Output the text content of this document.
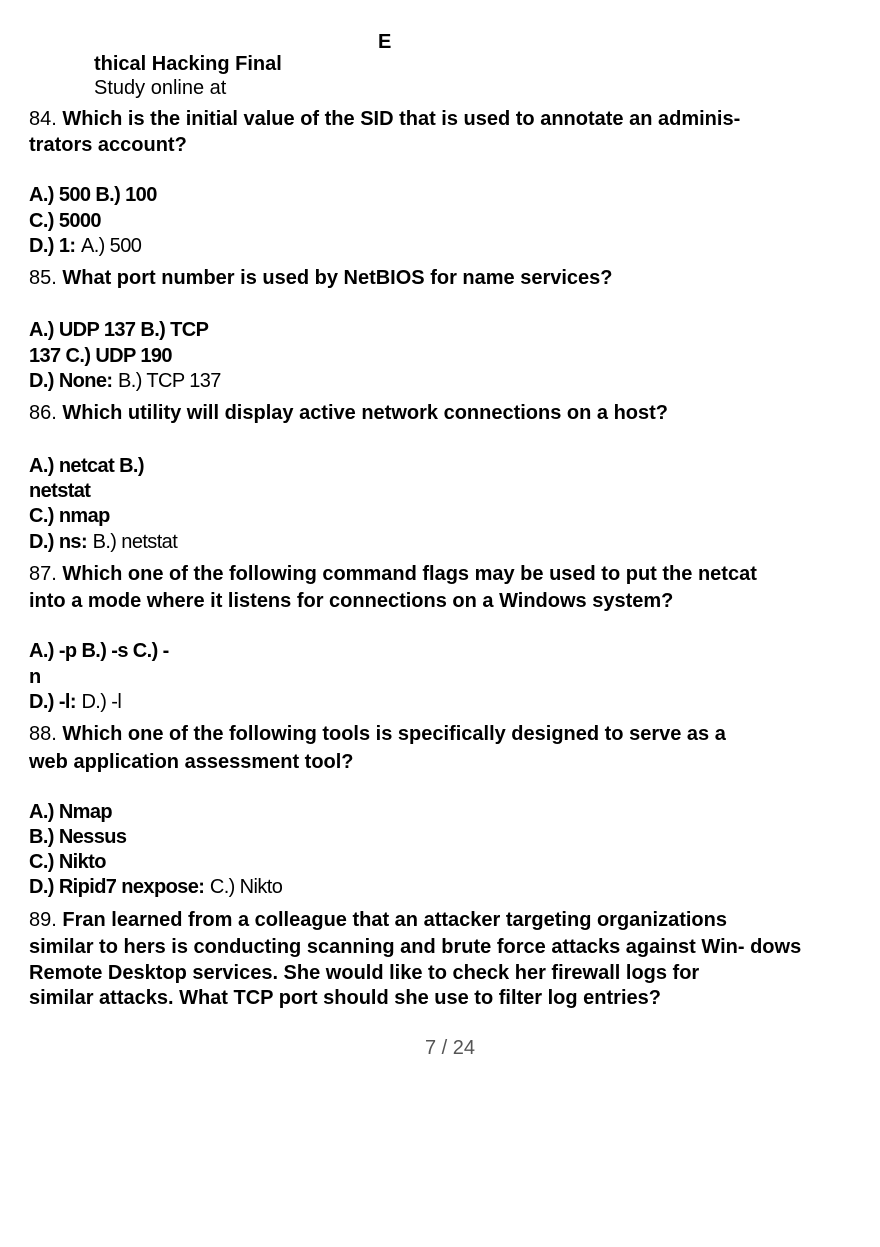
E
thical Hacking Final
Study online at
84. Which is the initial value of the SID that is used to annotate an adminis-
trators account?
A.) 500 B.) 100
C.) 5000
D.) 1: A.) 500
85. What port number is used by NetBIOS for name services?
A.) UDP 137 B.) TCP
137 C.) UDP 190
D.) None: B.) TCP 137
86. Which utility will display active network connections on a host?
A.) netcat B.)
netstat
C.) nmap
D.) ns: B.) netstat
87. Which one of the following command flags may be used to put the netcat
into a mode where it listens for connections on a Windows system?
A.) -p B.) -s C.) -
n
D.) -l: D.) -l
88. Which one of the following tools is specifically designed to serve as a
web application assessment tool?
A.) Nmap
B.) Nessus
C.) Nikto
D.) Ripid7 nexpose: C.) Nikto
89. Fran learned from a colleague that an attacker targeting organizations
similar to hers is conducting scanning and brute force attacks against Win- dows
Remote Desktop services. She would like to check her firewall logs for
similar attacks. What TCP port should she use to filter log entries?
7 / 24
